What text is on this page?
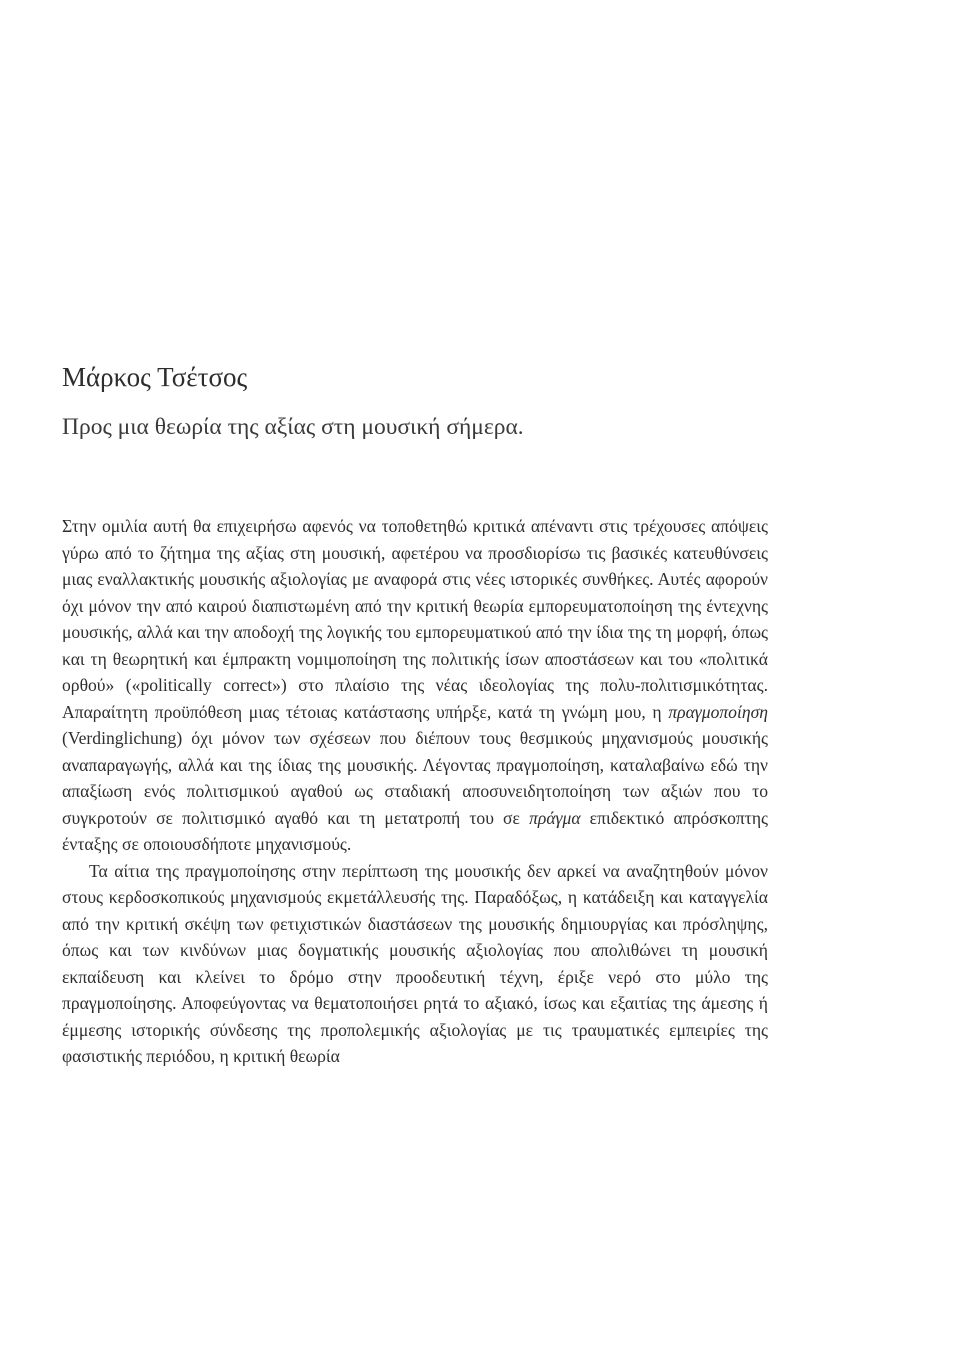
Μάρκος Τσέτσος
Προς μια θεωρία της αξίας στη μουσική σήμερα.

Στην ομιλία αυτή θα επιχειρήσω αφενός να τοποθετηθώ κριτικά απέναντι στις τρέχουσες απόψεις γύρω από το ζήτημα της αξίας στη μουσική, αφετέρου να προσδιορίσω τις βασικές κατευθύνσεις μιας εναλλακτικής μουσικής αξιολογίας με αναφορά στις νέες ιστορικές συνθήκες. Αυτές αφορούν όχι μόνον την από καιρού διαπιστωμένη από την κριτική θεωρία εμπορευματοποίηση της έντεχνης μουσικής, αλλά και την αποδοχή της λογικής του εμπορευματικού από την ίδια της τη μορφή, όπως και τη θεωρητική και έμπρακτη νομιμοποίηση της πολιτικής ίσων αποστάσεων και του «πολιτικά ορθού» («politically correct») στο πλαίσιο της νέας ιδεολογίας της πολυ-πολιτισμικότητας. Απαραίτητη προϋπόθεση μιας τέτοιας κατάστασης υπήρξε, κατά τη γνώμη μου, η πραγμοποίηση (Verdinglichung) όχι μόνον των σχέσεων που διέπουν τους θεσμικούς μηχανισμούς μουσικής αναπαραγωγής, αλλά και της ίδιας της μουσικής. Λέγοντας πραγμοποίηση, καταλαβαίνω εδώ την απαξίωση ενός πολιτισμικού αγαθού ως σταδιακή αποσυνειδητοποίηση των αξιών που το συγκροτούν σε πολιτισμικό αγαθό και τη μετατροπή του σε πράγμα επιδεκτικό απρόσκοπτης ένταξης σε οποιουσδήποτε μηχανισμούς.

Τα αίτια της πραγμοποίησης στην περίπτωση της μουσικής δεν αρκεί να αναζητηθούν μόνον στους κερδοσκοπικούς μηχανισμούς εκμετάλλευσής της. Παραδόξως, η κατάδειξη και καταγγελία από την κριτική σκέψη των φετιχιστικών διαστάσεων της μουσικής δημιουργίας και πρόσληψης, όπως και των κινδύνων μιας δογματικής μουσικής αξιολογίας που απολιθώνει τη μουσική εκπαίδευση και κλείνει το δρόμο στην προοδευτική τέχνη, έριξε νερό στο μύλο της πραγμοποίησης. Αποφεύγοντας να θεματοποιήσει ρητά το αξιακό, ίσως και εξαιτίας της άμεσης ή έμμεσης ιστορικής σύνδεσης της προπολεμικής αξιολογίας με τις τραυματικές εμπειρίες της φασιστικής περιόδου, η κριτική θεωρία
